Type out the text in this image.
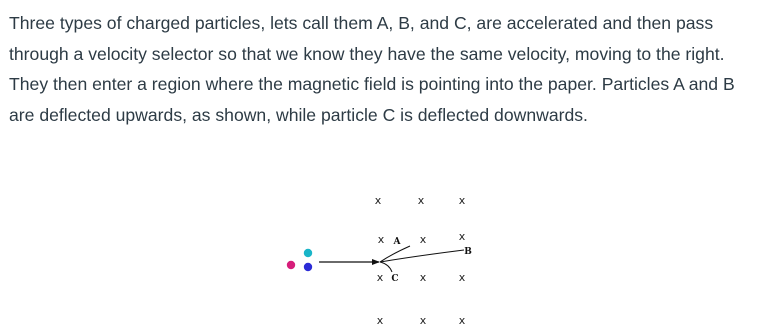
Three types of charged particles, lets call them A, B, and C, are accelerated and then pass through a velocity selector so that we know they have the same velocity, moving to the right. They then enter a region where the magnetic field is pointing into the paper. Particles A and B are deflected upwards, as shown, while particle C is deflected downwards.

x	x	x
x	x	x
x	x	x
x	x	x
A
B
C
